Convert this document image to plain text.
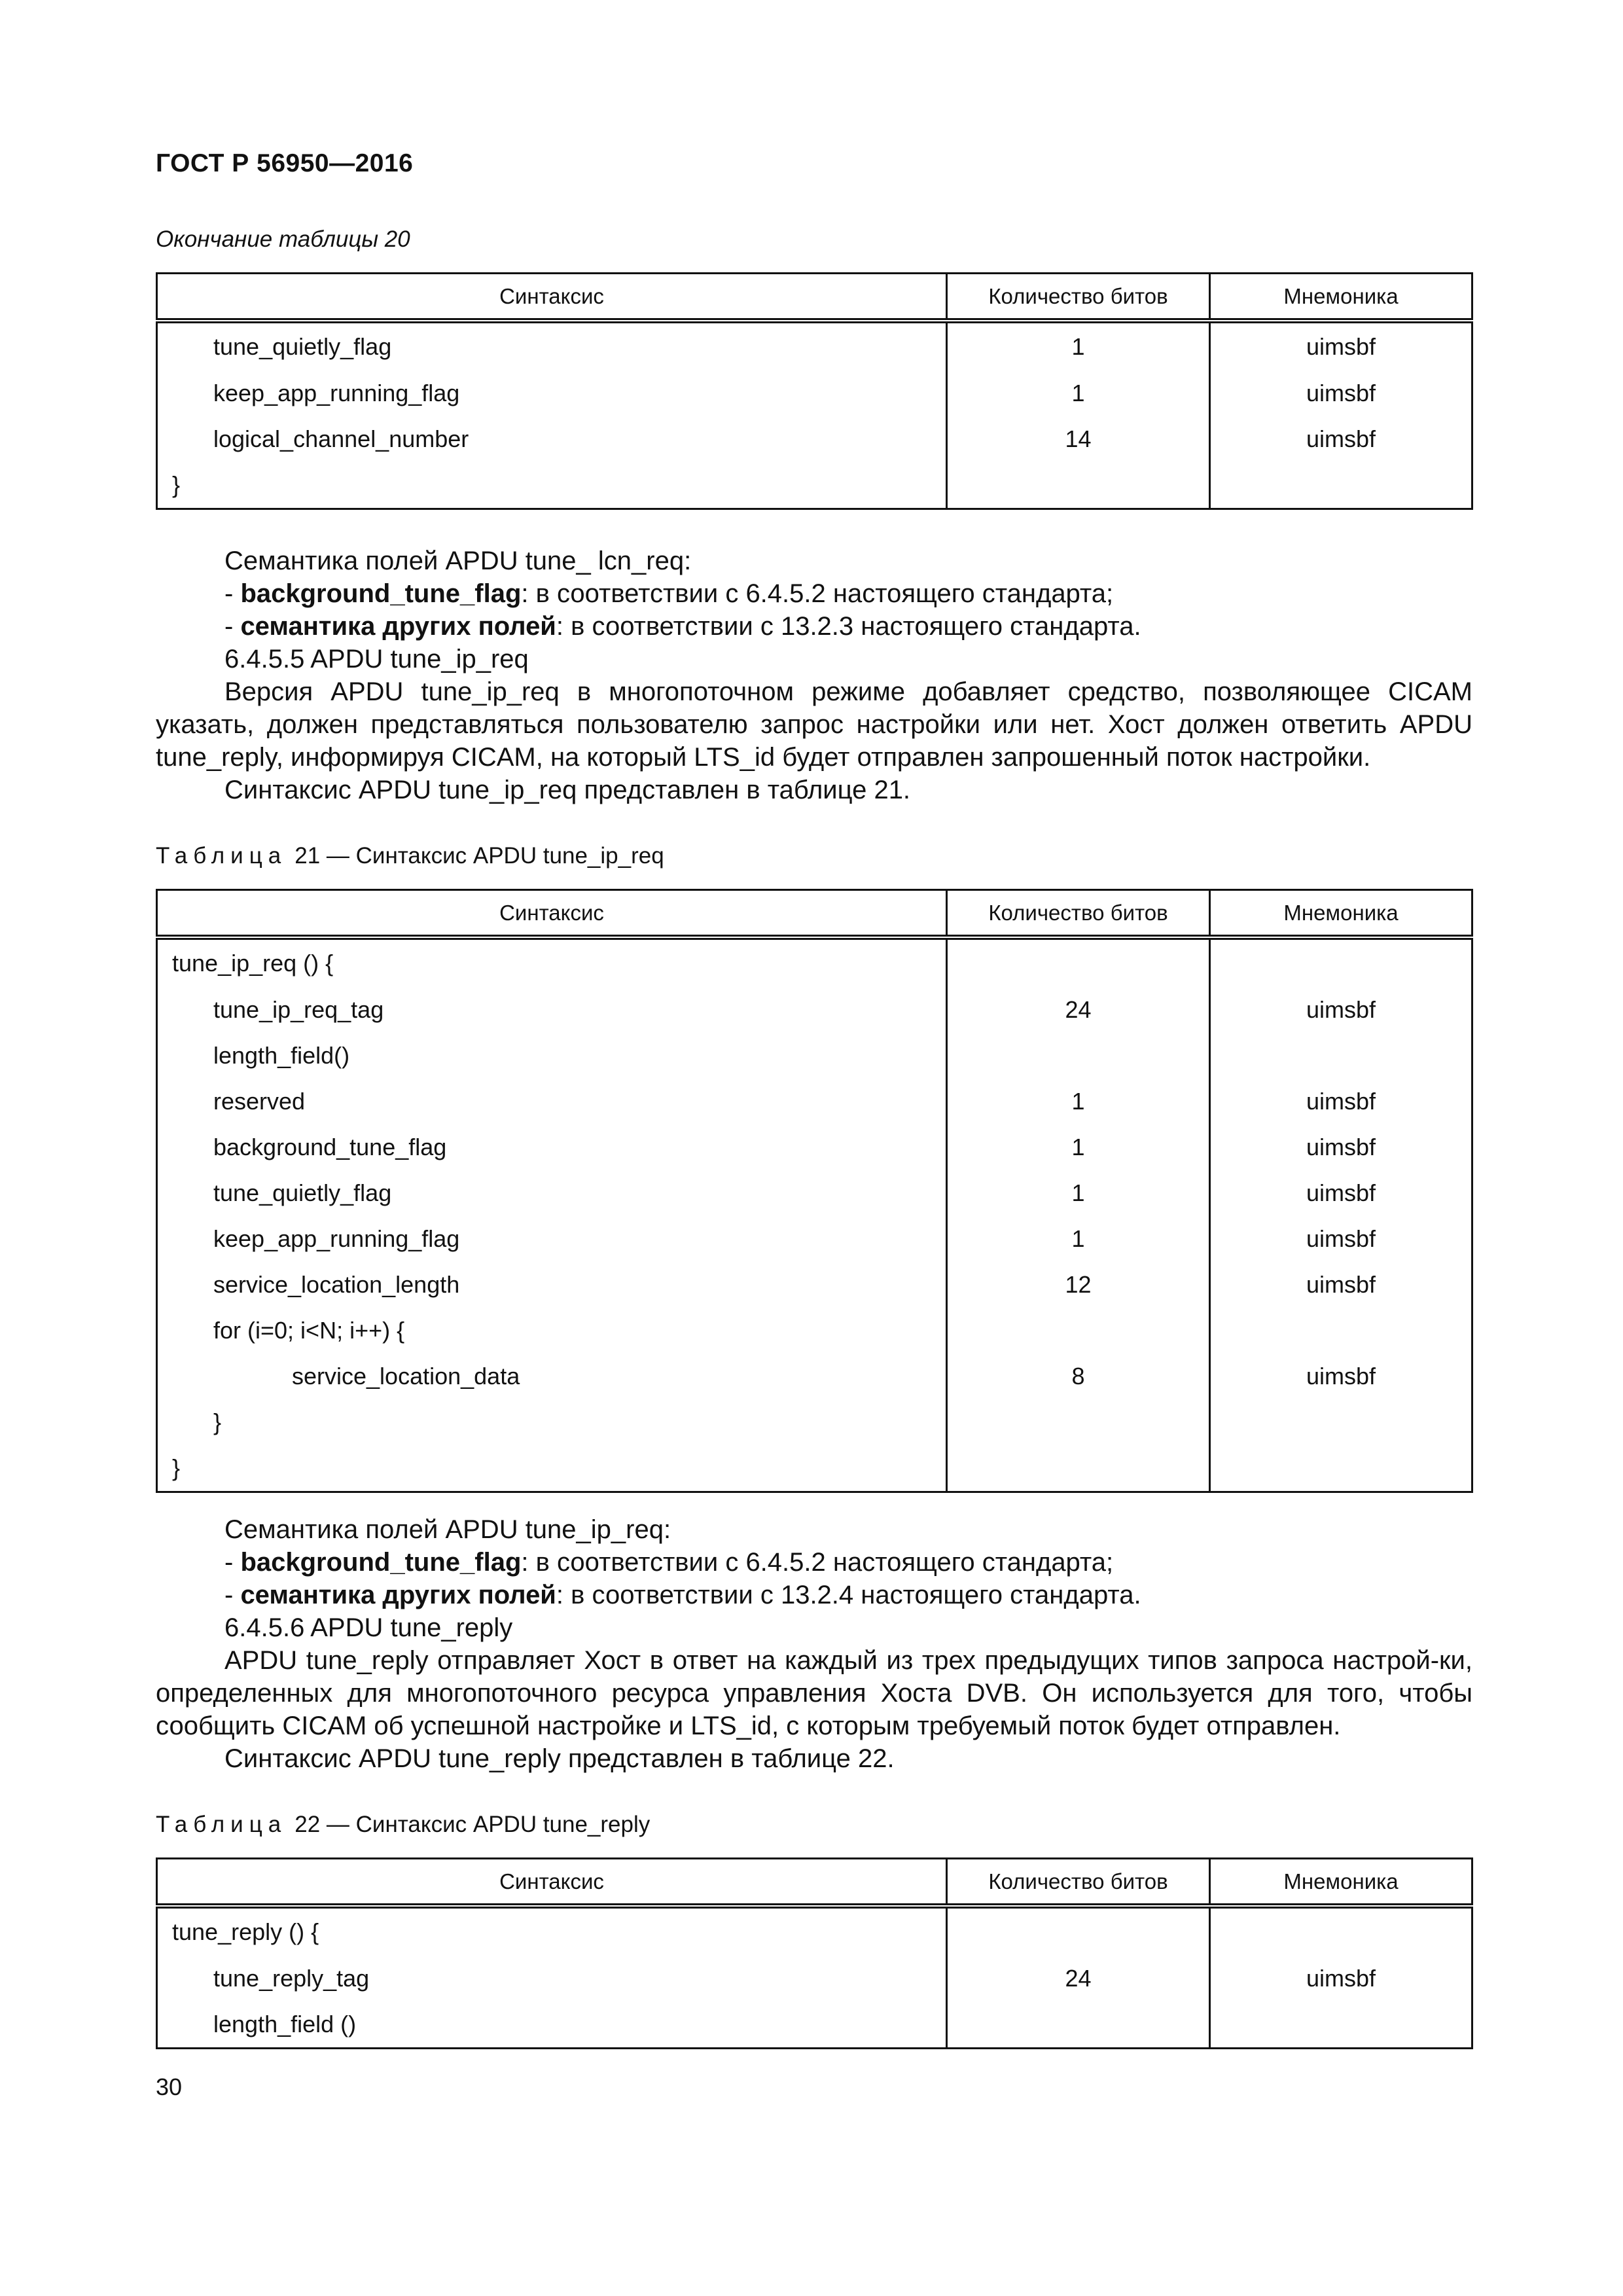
ГОСТ Р 56950—2016
Окончание таблицы 20
Синтаксис	Количество битов	Мнемоника
tune_quietly_flag	1	uimsbf
keep_app_running_flag	1	uimsbf
logical_channel_number	14	uimsbf
}		

Семантика полей APDU tune_ lcn_req:

- background_tune_flag: в соответствии с 6.4.5.2 настоящего стандарта;

- семантика других полей: в соответствии с 13.2.3 настоящего стандарта.

6.4.5.5 APDU tune_ip_req

Версия APDU tune_ip_req в многопоточном режиме добавляет средство, позволяющее CICAM указать, должен представляться пользователю запрос настройки или нет. Хост должен ответить APDU tune_reply, информируя CICAM, на который LTS_id будет отправлен запрошенный поток настройки.

Синтаксис APDU tune_ip_req представлен в таблице 21.

Таблица 21 — Синтаксис APDU tune_ip_req
Синтаксис	Количество битов	Мнемоника
tune_ip_req () {		
tune_ip_req_tag	24	uimsbf
length_field()		
reserved	1	uimsbf
background_tune_flag	1	uimsbf
tune_quietly_flag	1	uimsbf
keep_app_running_flag	1	uimsbf
service_location_length	12	uimsbf
for (i=0; i<N; i++) {		
service_location_data	8	uimsbf
}		
}		

Семантика полей APDU tune_ip_req:

- background_tune_flag: в соответствии с 6.4.5.2 настоящего стандарта;

- семантика других полей: в соответствии с 13.2.4 настоящего стандарта.

6.4.5.6 APDU tune_reply

APDU tune_reply отправляет Хост в ответ на каждый из трех предыдущих типов запроса настрой-ки, определенных для многопоточного ресурса управления Хоста DVB. Он используется для того, чтобы сообщить CICAM об успешной настройке и LTS_id, с которым требуемый поток будет отправлен.

Синтаксис APDU tune_reply представлен в таблице 22.

Таблица 22 — Синтаксис APDU tune_reply
Синтаксис	Количество битов	Мнемоника
tune_reply () {		
tune_reply_tag	24	uimsbf
length_field ()		
30
